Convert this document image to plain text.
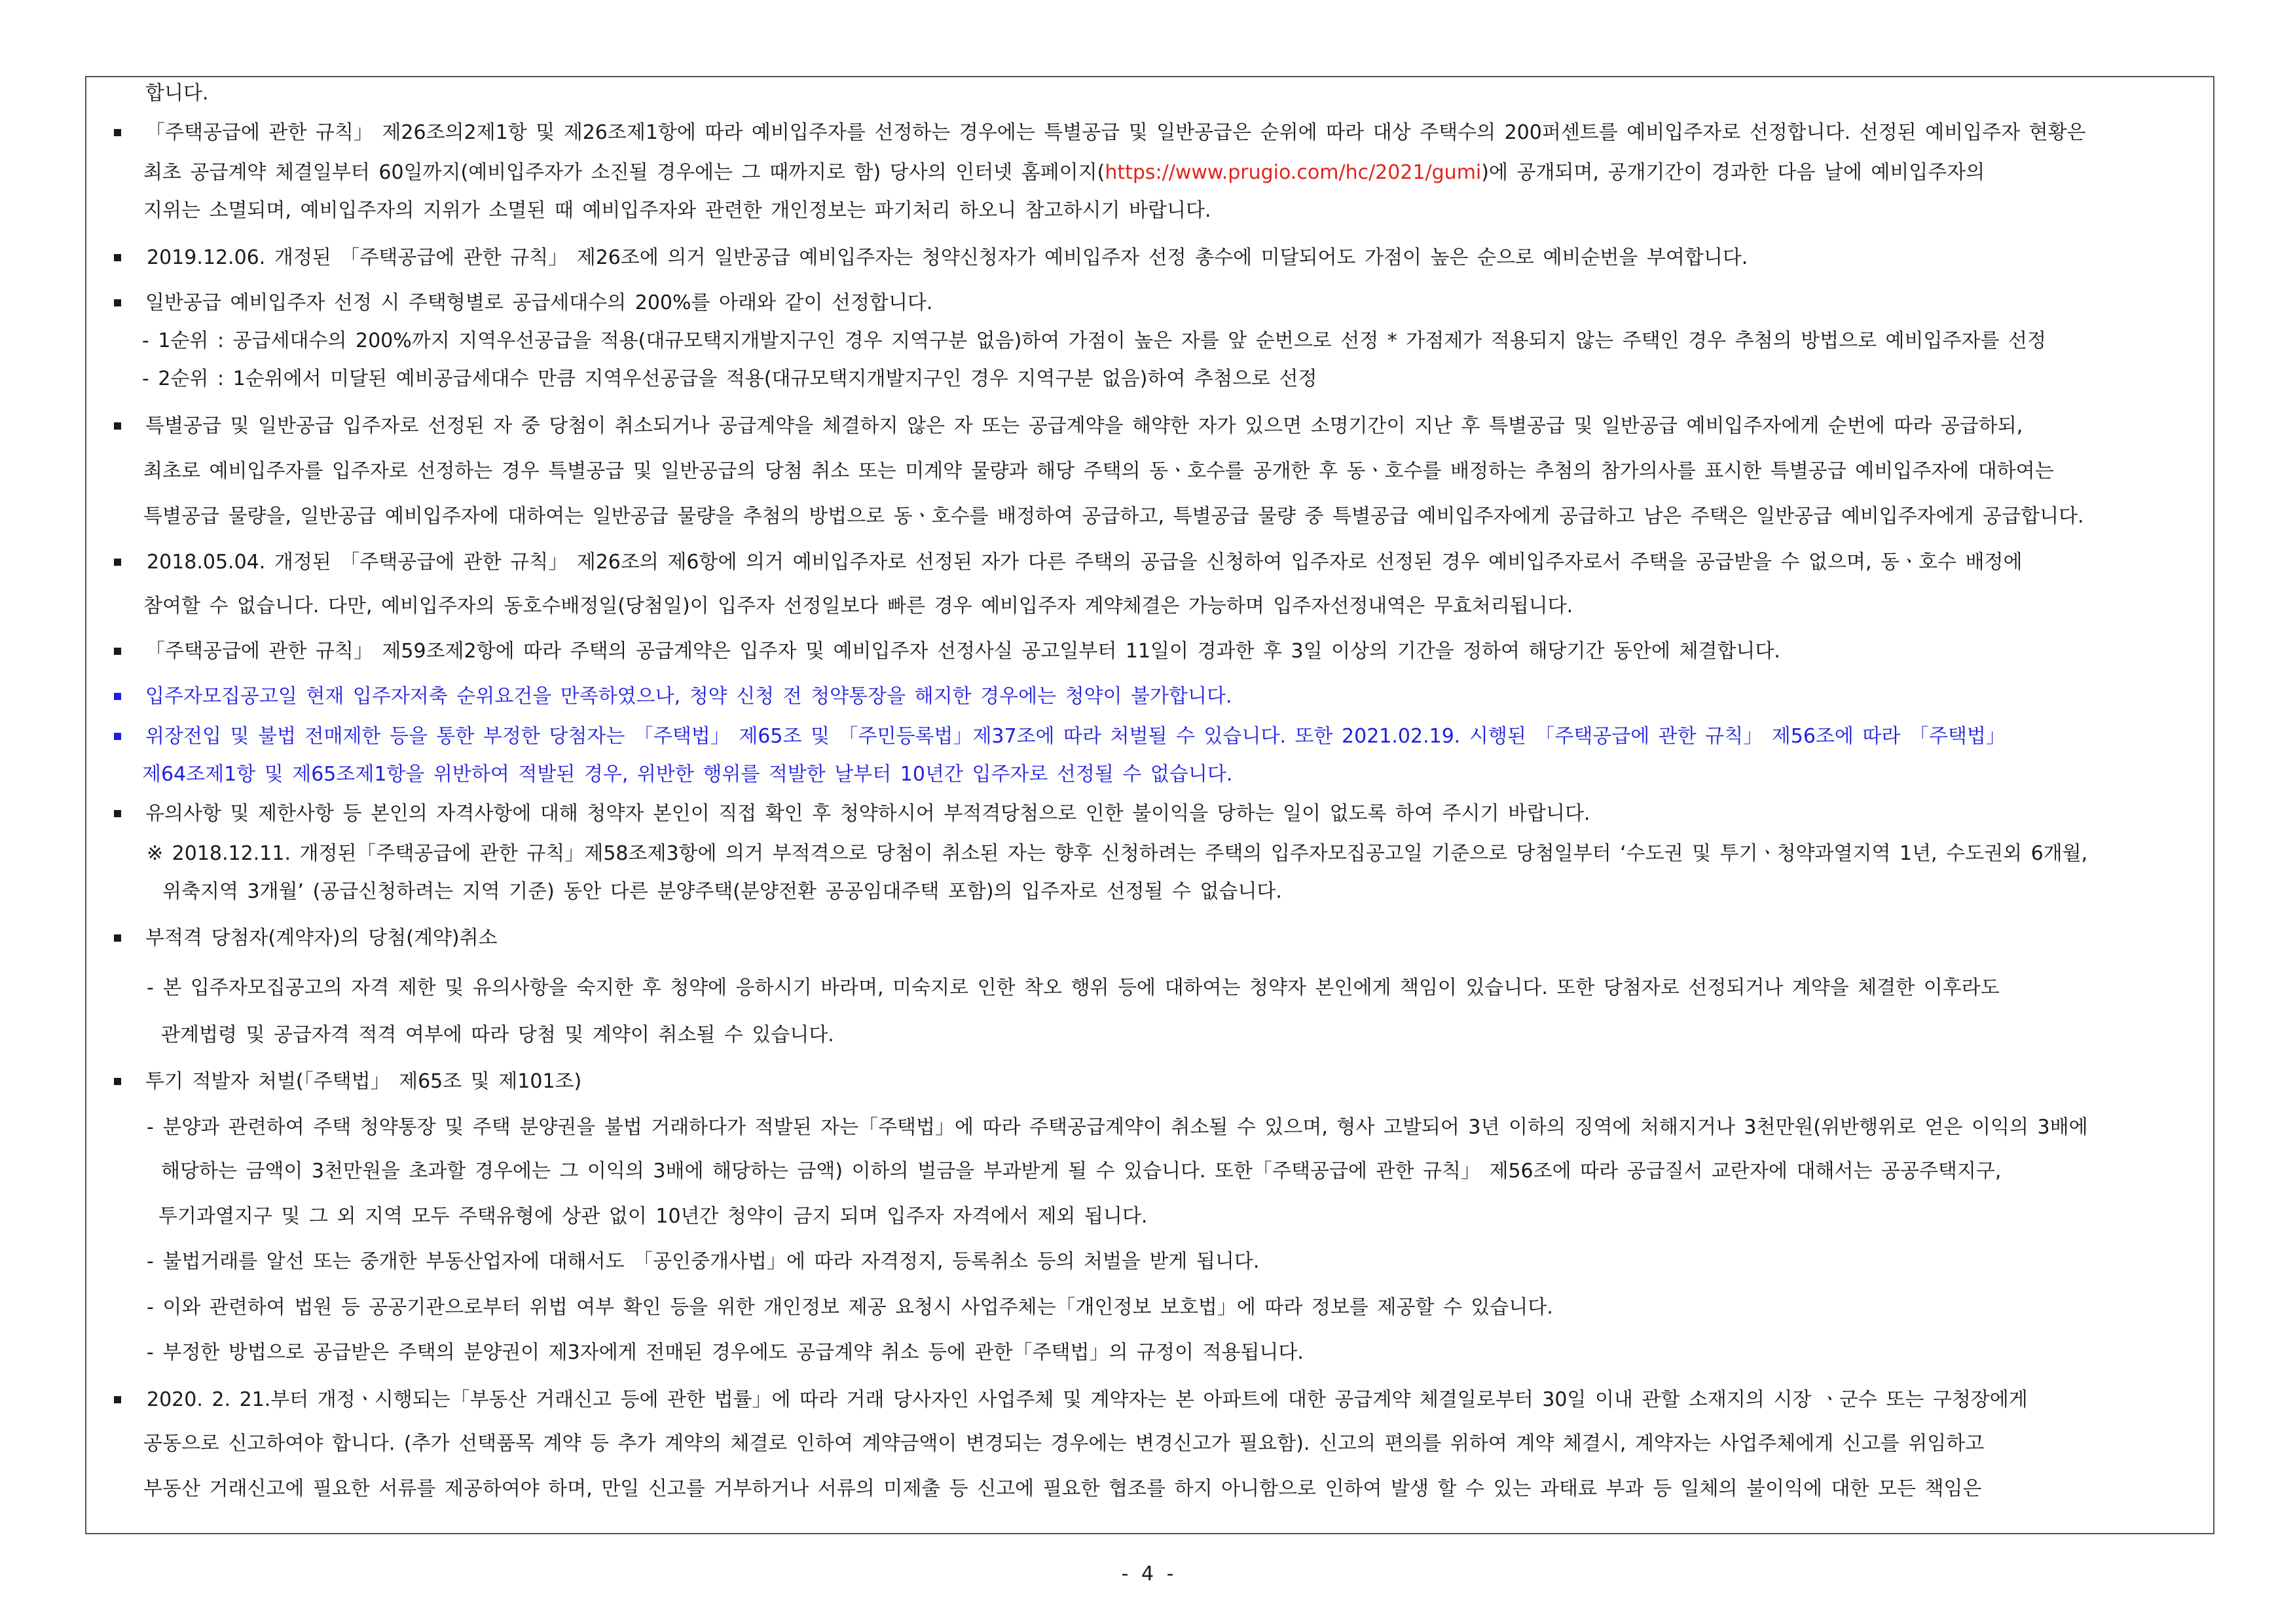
합니다.
「주택공급에 관한 규칙」 제26조의2제1항 및 제26조제1항에 따라 예비입주자를 선정하는 경우에는 특별공급 및 일반공급은 순위에 따라 대상 주택수의 200퍼센트를 예비입주자로 선정합니다. 선정된 예비입주자 현황은
최초 공급계약 체결일부터 60일까지(예비입주자가 소진될 경우에는 그 때까지로 함) 당사의 인터넷 홈페이지(https://www.prugio.com/hc/2021/gumi)에 공개되며, 공개기간이 경과한 다음 날에 예비입주자의
지위는 소멸되며, 예비입주자의 지위가 소멸된 때 예비입주자와 관련한 개인정보는 파기처리 하오니 참고하시기 바랍니다.
2019.12.06. 개정된 「주택공급에 관한 규칙」 제26조에 의거 일반공급 예비입주자는 청약신청자가 예비입주자 선정 총수에 미달되어도 가점이 높은 순으로 예비순번을 부여합니다.
일반공급 예비입주자 선정 시 주택형별로 공급세대수의 200%를 아래와 같이 선정합니다.
- 1순위 : 공급세대수의 200%까지 지역우선공급을 적용(대규모택지개발지구인 경우 지역구분 없음)하여 가점이 높은 자를 앞 순번으로 선정 * 가점제가 적용되지 않는 주택인 경우 추첨의 방법으로 예비입주자를 선정
- 2순위 : 1순위에서 미달된 예비공급세대수 만큼 지역우선공급을 적용(대규모택지개발지구인 경우 지역구분 없음)하여 추첨으로 선정
특별공급 및 일반공급 입주자로 선정된 자 중 당첨이 취소되거나 공급계약을 체결하지 않은 자 또는 공급계약을 해약한 자가 있으면 소명기간이 지난 후 특별공급 및 일반공급 예비입주자에게 순번에 따라 공급하되,
최초로 예비입주자를 입주자로 선정하는 경우 특별공급 및 일반공급의 당첨 취소 또는 미계약 물량과 해당 주택의 동ㆍ호수를 공개한 후 동ㆍ호수를 배정하는 추첨의 참가의사를 표시한 특별공급 예비입주자에 대하여는
특별공급 물량을, 일반공급 예비입주자에 대하여는 일반공급 물량을 추첨의 방법으로 동ㆍ호수를 배정하여 공급하고, 특별공급 물량 중 특별공급 예비입주자에게 공급하고 남은 주택은 일반공급 예비입주자에게 공급합니다.
2018.05.04. 개정된 「주택공급에 관한 규칙」 제26조의 제6항에 의거 예비입주자로 선정된 자가 다른 주택의 공급을 신청하여 입주자로 선정된 경우 예비입주자로서 주택을 공급받을 수 없으며, 동ㆍ호수 배정에
참여할 수 없습니다. 다만, 예비입주자의 동호수배정일(당첨일)이 입주자 선정일보다 빠른 경우 예비입주자 계약체결은 가능하며 입주자선정내역은 무효처리됩니다.
「주택공급에 관한 규칙」 제59조제2항에 따라 주택의 공급계약은 입주자 및 예비입주자 선정사실 공고일부터 11일이 경과한 후 3일 이상의 기간을 정하여 해당기간 동안에 체결합니다.
입주자모집공고일 현재 입주자저축 순위요건을 만족하였으나, 청약 신청 전 청약통장을 해지한 경우에는 청약이 불가합니다.
위장전입 및 불법 전매제한 등을 통한 부정한 당첨자는 「주택법」 제65조 및 「주민등록법」제37조에 따라 처벌될 수 있습니다. 또한 2021.02.19. 시행된 「주택공급에 관한 규칙」 제56조에 따라 「주택법」
제64조제1항 및 제65조제1항을 위반하여 적발된 경우, 위반한 행위를 적발한 날부터 10년간 입주자로 선정될 수 없습니다.
유의사항 및 제한사항 등 본인의 자격사항에 대해 청약자 본인이 직접 확인 후 청약하시어 부적격당첨으로 인한 불이익을 당하는 일이 없도록 하여 주시기 바랍니다.
※ 2018.12.11. 개정된「주택공급에 관한 규칙」제58조제3항에 의거 부적격으로 당첨이 취소된 자는 향후 신청하려는 주택의 입주자모집공고일 기준으로 당첨일부터 ‘수도권 및 투기ㆍ청약과열지역 1년, 수도권외 6개월,
위축지역 3개월’ (공급신청하려는 지역 기준) 동안 다른 분양주택(분양전환 공공임대주택 포함)의 입주자로 선정될 수 없습니다.
부적격 당첨자(계약자)의 당첨(계약)취소
- 본 입주자모집공고의 자격 제한 및 유의사항을 숙지한 후 청약에 응하시기 바라며, 미숙지로 인한 착오 행위 등에 대하여는 청약자 본인에게 책임이 있습니다. 또한 당첨자로 선정되거나 계약을 체결한 이후라도
관계법령 및 공급자격 적격 여부에 따라 당첨 및 계약이 취소될 수 있습니다.
투기 적발자 처벌(「주택법」 제65조 및 제101조)
- 분양과 관련하여 주택 청약통장 및 주택 분양권을 불법 거래하다가 적발된 자는「주택법」에 따라 주택공급계약이 취소될 수 있으며, 형사 고발되어 3년 이하의 징역에 처해지거나 3천만원(위반행위로 얻은 이익의 3배에
해당하는 금액이 3천만원을 초과할 경우에는 그 이익의 3배에 해당하는 금액) 이하의 벌금을 부과받게 될 수 있습니다. 또한「주택공급에 관한 규칙」 제56조에 따라 공급질서 교란자에 대해서는 공공주택지구,
투기과열지구 및 그 외 지역 모두 주택유형에 상관 없이 10년간 청약이 금지 되며 입주자 자격에서 제외 됩니다.
- 불법거래를 알선 또는 중개한 부동산업자에 대해서도 「공인중개사법」에 따라 자격정지, 등록취소 등의 처벌을 받게 됩니다.
- 이와 관련하여 법원 등 공공기관으로부터 위법 여부 확인 등을 위한 개인정보 제공 요청시 사업주체는「개인정보 보호법」에 따라 정보를 제공할 수 있습니다.
- 부정한 방법으로 공급받은 주택의 분양권이 제3자에게 전매된 경우에도 공급계약 취소 등에 관한「주택법」의 규정이 적용됩니다.
2020. 2. 21.부터 개정ㆍ시행되는「부동산 거래신고 등에 관한 법률」에 따라 거래 당사자인 사업주체 및 계약자는 본 아파트에 대한 공급계약 체결일로부터 30일 이내 관할 소재지의 시장 ㆍ군수 또는 구청장에게
공동으로 신고하여야 합니다. (추가 선택품목 계약 등 추가 계약의 체결로 인하여 계약금액이 변경되는 경우에는 변경신고가 필요함). 신고의 편의를 위하여 계약 체결시, 계약자는 사업주체에게 신고를 위임하고
부동산 거래신고에 필요한 서류를 제공하여야 하며, 만일 신고를 거부하거나 서류의 미제출 등 신고에 필요한 협조를 하지 아니함으로 인하여 발생 할 수 있는 과태료 부과 등 일체의 불이익에 대한 모든 책임은
- 4 -
